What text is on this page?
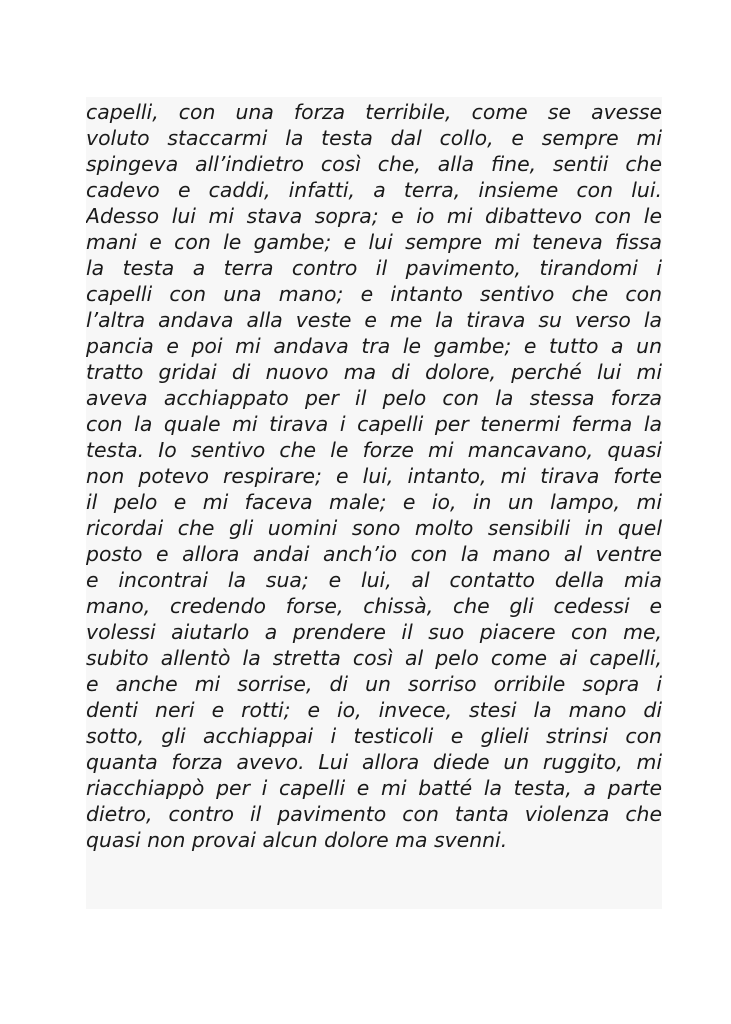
capelli, con una forza terribile, come se avesse
voluto staccarmi la testa dal collo, e sempre mi
spingeva all’indietro così che, alla fine, sentii che
cadevo e caddi, infatti, a terra, insieme con lui.
Adesso lui mi stava sopra; e io mi dibattevo con le
mani e con le gambe; e lui sempre mi teneva fissa
la testa a terra contro il pavimento, tirandomi i
capelli con una mano; e intanto sentivo che con
l’altra andava alla veste e me la tirava su verso la
pancia e poi mi andava tra le gambe; e tutto a un
tratto gridai di nuovo ma di dolore, perché lui mi
aveva acchiappato per il pelo con la stessa forza
con la quale mi tirava i capelli per tenermi ferma la
testa. Io sentivo che le forze mi mancavano, quasi
non potevo respirare; e lui, intanto, mi tirava forte
il pelo e mi faceva male; e io, in un lampo, mi
ricordai che gli uomini sono molto sensibili in quel
posto e allora andai anch’io con la mano al ventre
e incontrai la sua; e lui, al contatto della mia
mano, credendo forse, chissà, che gli cedessi e
volessi aiutarlo a prendere il suo piacere con me,
subito allentò la stretta così al pelo come ai capelli,
e anche mi sorrise, di un sorriso orribile sopra i
denti neri e rotti; e io, invece, stesi la mano di
sotto, gli acchiappai i testicoli e glieli strinsi con
quanta forza avevo. Lui allora diede un ruggito, mi
riacchiappò per i capelli e mi batté la testa, a parte
dietro, contro il pavimento con tanta violenza che
quasi non provai alcun dolore ma svenni.
